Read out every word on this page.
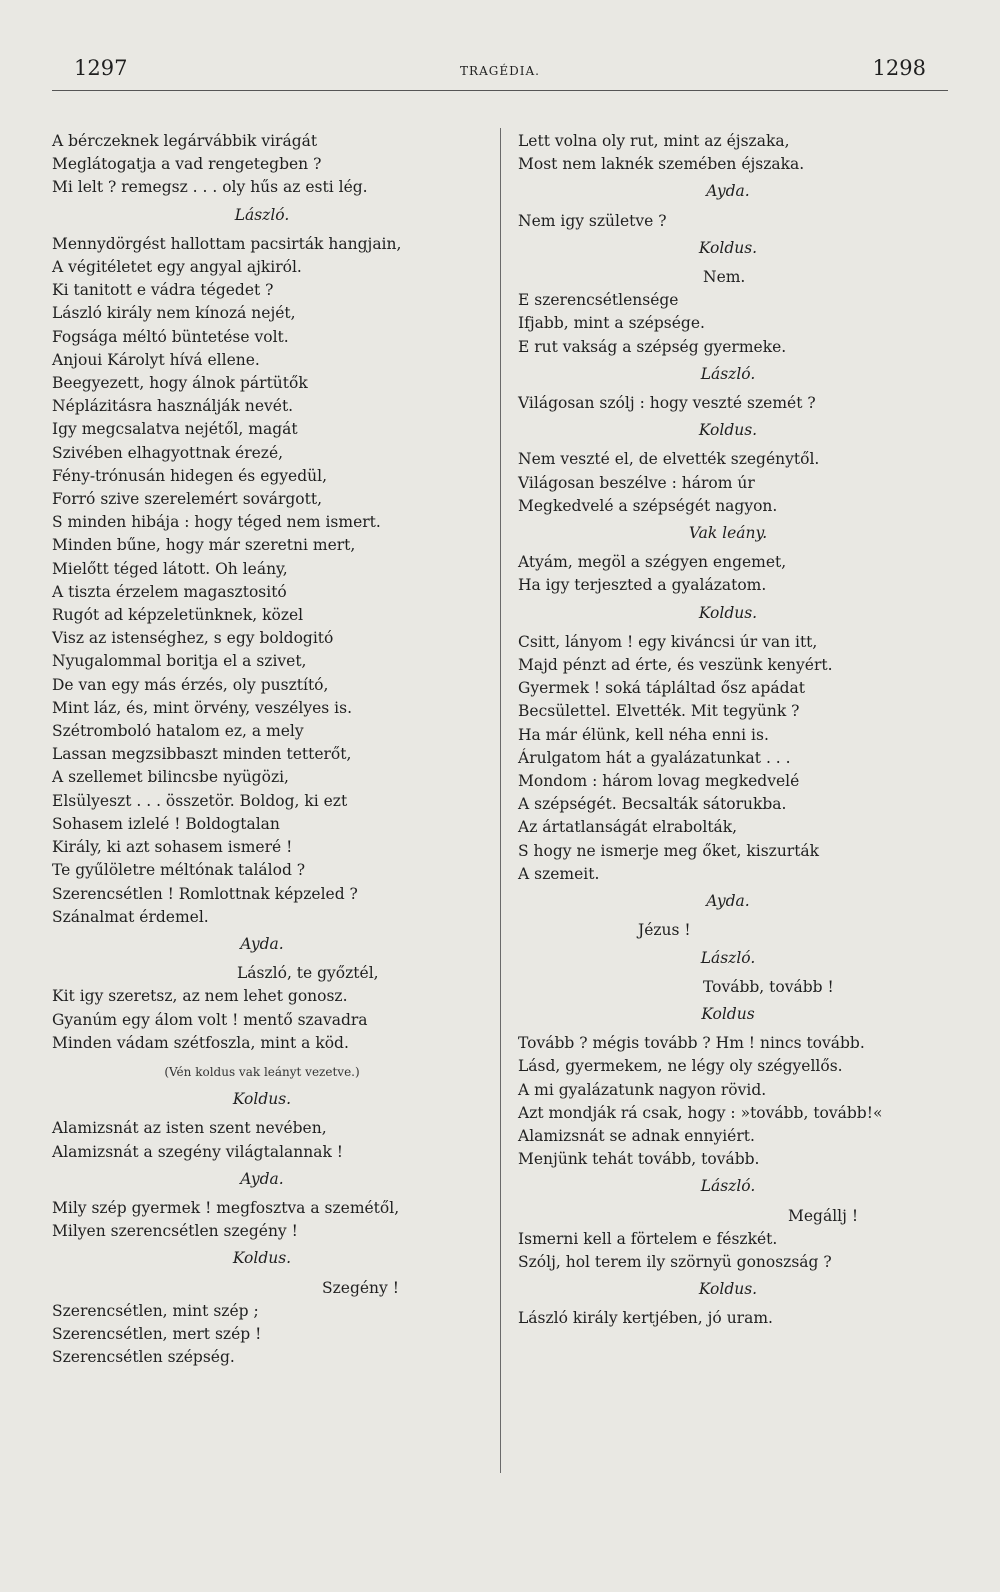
1297	TRAGÉDIA.	1298
A bérczeknek legárvábbik virágát
Meglátogatja a vad rengetegben ?
Mi lelt ? remegsz . . . oly hűs az esti lég.
László.
Mennydörgést hallottam pacsirták hangjain,
A végitéletet egy angyal ajkiról.
Ki tanitott e vádra tégedet ?
László király nem kínozá nejét,
Fogsága méltó büntetése volt.
Anjoui Károlyt hívá ellene.
Beegyezett, hogy álnok pártütők
Néplázitásra használják nevét.
Igy megcsalatva nejétől, magát
Szivében elhagyottnak érezé,
Fény-trónusán hidegen és egyedül,
Forró szive szerelemért sovárgott,
S minden hibája : hogy téged nem ismert.
Minden bűne, hogy már szeretni mert,
Mielőtt téged látott. Oh leány,
A tiszta érzelem magasztositó
Rugót ad képzeletünknek, közel
Visz az istenséghez, s egy boldogitó
Nyugalommal boritja el a szivet,
De van egy más érzés, oly pusztító,
Mint láz, és, mint örvény, veszélyes is.
Szétromboló hatalom ez, a mely
Lassan megzsibbaszt minden tetterőt,
A szellemet bilincsbe nyügözi,
Elsülyeszt . . . összetör. Boldog, ki ezt
Sohasem izlelé ! Boldogtalan
Király, ki azt sohasem ismeré !
Te gyűlöletre méltónak találod ?
Szerencsétlen ! Romlottnak képzeled ?
Szánalmat érdemel.
Ayda.
László, te győztél,
Kit igy szeretsz, az nem lehet gonosz.
Gyanúm egy álom volt ! mentő szavadra
Minden vádam szétfoszla, mint a köd.
(Vén koldus vak leányt vezetve.)
Koldus.
Alamizsnát az isten szent nevében,
Alamizsnát a szegény világtalannak !
Ayda.
Mily szép gyermek ! megfosztva a szemétől,
Milyen szerencsétlen szegény !
Koldus.
Szegény !
Szerencsétlen, mint szép ;
Szerencsétlen, mert szép !
Szerencsétlen szépség.
Lett volna oly rut, mint az éjszaka,
Most nem laknék szemében éjszaka.
Ayda.
Nem igy születve ?
Koldus.
Nem.
E szerencsétlensége
Ifjabb, mint a szépsége.
E rut vakság a szépség gyermeke.
László.
Világosan szólj : hogy veszté szemét ?
Koldus.
Nem veszté el, de elvették szegénytől.
Világosan beszélve : három úr
Megkedvelé a szépségét nagyon.
Vak leány.
Atyám, megöl a szégyen engemet,
Ha igy terjeszted a gyalázatom.
Koldus.
Csitt, lányom ! egy kiváncsi úr van itt,
Majd pénzt ad érte, és veszünk kenyért.
Gyermek ! soká tápláltad ősz apádat
Becsülettel. Elvették. Mit tegyünk ?
Ha már élünk, kell néha enni is.
Árulgatom hát a gyalázatunkat . . .
Mondom : három lovag megkedvelé
A szépségét. Becsalták sátorukba.
Az ártatlanságát elrabolták,
S hogy ne ismerje meg őket, kiszurták
A szemeit.
Ayda.
Jézus !
László.
Tovább, tovább !
Koldus
Tovább ? mégis tovább ? Hm ! nincs tovább.
Lásd, gyermekem, ne légy oly szégyellős.
A mi gyalázatunk nagyon rövid.
Azt mondják rá csak, hogy : »tovább, tovább!«
Alamizsnát se adnak ennyiért.
Menjünk tehát tovább, tovább.
László.
Megállj !
Ismerni kell a förtelem e fészkét.
Szólj, hol terem ily szörnyü gonoszság ?
Koldus.
László király kertjében, jó uram.
